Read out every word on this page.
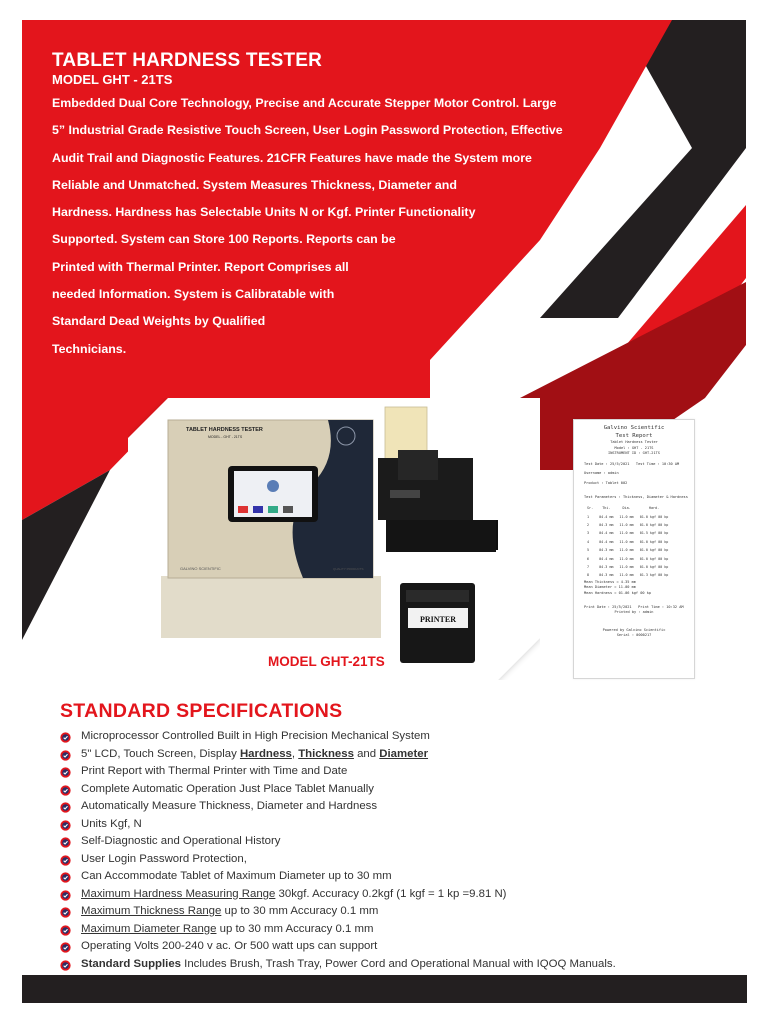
TABLET HARDNESS TESTER
MODEL GHT - 21TS
Embedded Dual Core Technology, Precise and Accurate Stepper Motor Control. Large
5” Industrial Grade Resistive Touch Screen, User Login Password Protection, Effective
Audit Trail and Diagnostic Features. 21CFR Features have made the System more
Reliable and Unmatched. System Measures Thickness, Diameter and
Hardness. Hardness has Selectable Units N or Kgf. Printer Functionality
Supported. System can Store 100 Reports. Reports can be
Printed with Thermal Printer. Report Comprises all
needed Information. System is Calibratable with
Standard Dead Weights by Qualified
Technicians.
TABLET HARDNESS TESTER
MODEL - GHT - 21TS
GALVINO SCIENTIFIC	QUALITY PRODUCTS
PRINTER
MODEL GHT-21TS
Galvino Scientific
Test Report
Tablet Hardness Tester
Model : GHT - 21TS
INSTRUMENT ID : GHT-21TS
Test Date : 25/5/2021   Test Time : 10:30 AM
Username : admin
Product : Tablet 002
Test Parameters : Thickness, Diameter & Hardness
Sr.	Thi.	Dia.	Hard.
1	04.4 mm	11.0 mm	01.0 kgf 00 kp
2	04.3 mm	11.0 mm	01.0 kgf 00 kp
3	04.4 mm	11.0 mm	01.5 kgf 00 kp
4	04.4 mm	11.0 mm	01.0 kgf 00 kp
5	04.3 mm	11.0 mm	01.0 kgf 00 kp
6	04.4 mm	11.0 mm	01.0 kgf 00 kp
7	04.3 mm	11.0 mm	01.0 kgf 00 kp
8	04.3 mm	11.0 mm	01.3 kgf 00 kp
Mean Thickness = 4.35 mm
Mean Diameter = 11.00 mm
Mean Hardness = 01.06 kgf 00 kp
Print Date : 25/5/2021   Print Time : 10:32 AM
Printed by : admin
Powered by Galvino Scientific
Serial : 0000217
STANDARD SPECIFICATIONS
Microprocessor Controlled Built in High Precision Mechanical System
5" LCD, Touch Screen, Display Hardness, Thickness and Diameter
Print Report with Thermal Printer with Time and Date
Complete Automatic Operation Just Place Tablet Manually
Automatically Measure Thickness, Diameter and Hardness
Units Kgf, N
Self-Diagnostic and Operational History
User Login Password Protection,
Can Accommodate Tablet of Maximum Diameter up to 30 mm
Maximum Hardness Measuring Range 30kgf. Accuracy 0.2kgf (1 kgf = 1 kp =9.81 N)
Maximum Thickness Range up to 30 mm Accuracy 0.1 mm
Maximum Diameter Range up to 30 mm Accuracy 0.1 mm
Operating Volts 200-240 v ac. Or 500 watt ups can support
Standard Supplies Includes Brush, Trash Tray, Power Cord and Operational Manual with IQOQ Manuals.
